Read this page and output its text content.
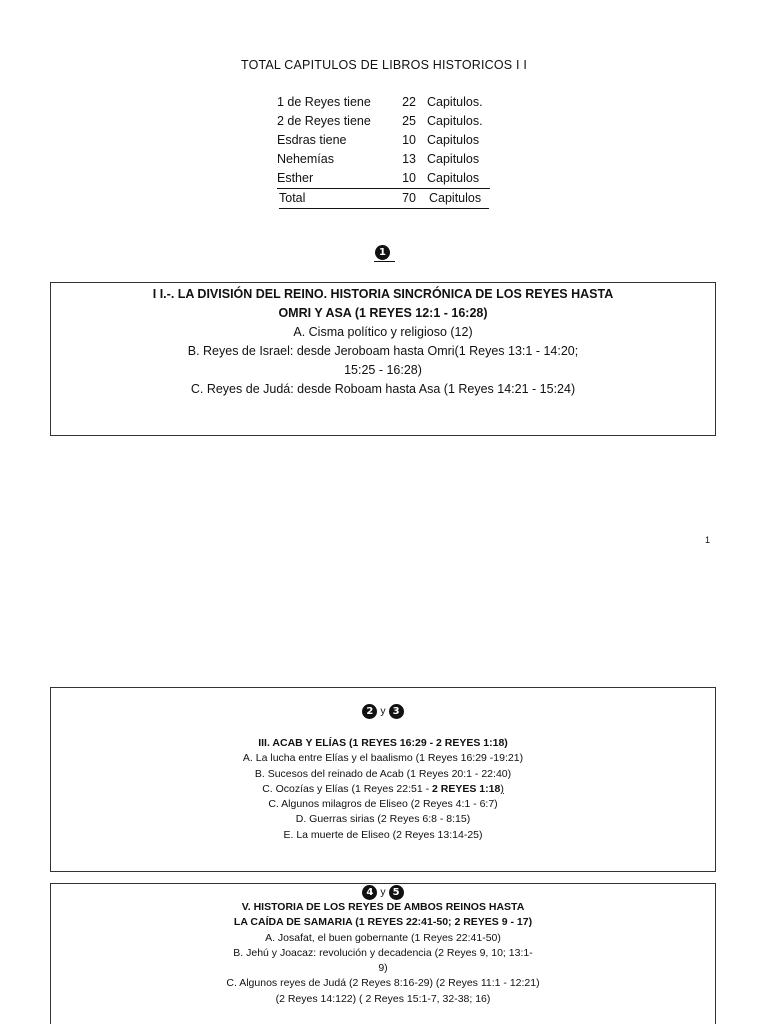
TOTAL CAPITULOS DE LIBROS HISTORICOS I I
1 de Reyes tiene	22 Capitulos.
2 de Reyes tiene	25 Capitulos.
Esdras tiene	10 Capitulos
Nehemías	13 Capitulos
Esther	10 Capitulos
Total	70 Capitulos
1
I I.-. LA DIVISIÓN DEL REINO. HISTORIA SINCRÓNICA DE LOS REYES HASTA
OMRI Y ASA (1 REYES 12:1 - 16:28)
A. Cisma político y religioso (12)
B. Reyes de Israel: desde Jeroboam hasta Omri(1 Reyes 13:1 - 14:20;
15:25 - 16:28)
C. Reyes de Judá: desde Roboam hasta Asa (1 Reyes 14:21 - 15:24)
1
2 y 3
III. ACAB Y ELÍAS (1 REYES 16:29 - 2 REYES 1:18)
A. La lucha entre Elías y el baalismo (1 Reyes 16:29 -19:21)
B. Sucesos del reinado de Acab (1 Reyes 20:1 - 22:40)
C. Ocozías y Elías (1 Reyes 22:51 - 2 REYES 1:18)
C. Algunos milagros de Eliseo (2 Reyes 4:1 - 6:7)
D. Guerras sirias (2 Reyes 6:8 - 8:15)
E. La muerte de Eliseo (2 Reyes 13:14-25)
4 y 5
V. HISTORIA DE LOS REYES DE AMBOS REINOS HASTA
LA CAÍDA DE SAMARIA (1 REYES 22:41-50; 2 REYES 9 - 17)
A. Josafat, el buen gobernante (1 Reyes 22:41-50)
B. Jehú y Joacaz: revolución y decadencia (2 Reyes 9, 10; 13:1-
9)
C. Algunos reyes de Judá (2 Reyes 8:16-29) (2 Reyes 11:1 - 12:21)
(2 Reyes 14:122) ( 2 Reyes 15:1-7, 32-38; 16)
